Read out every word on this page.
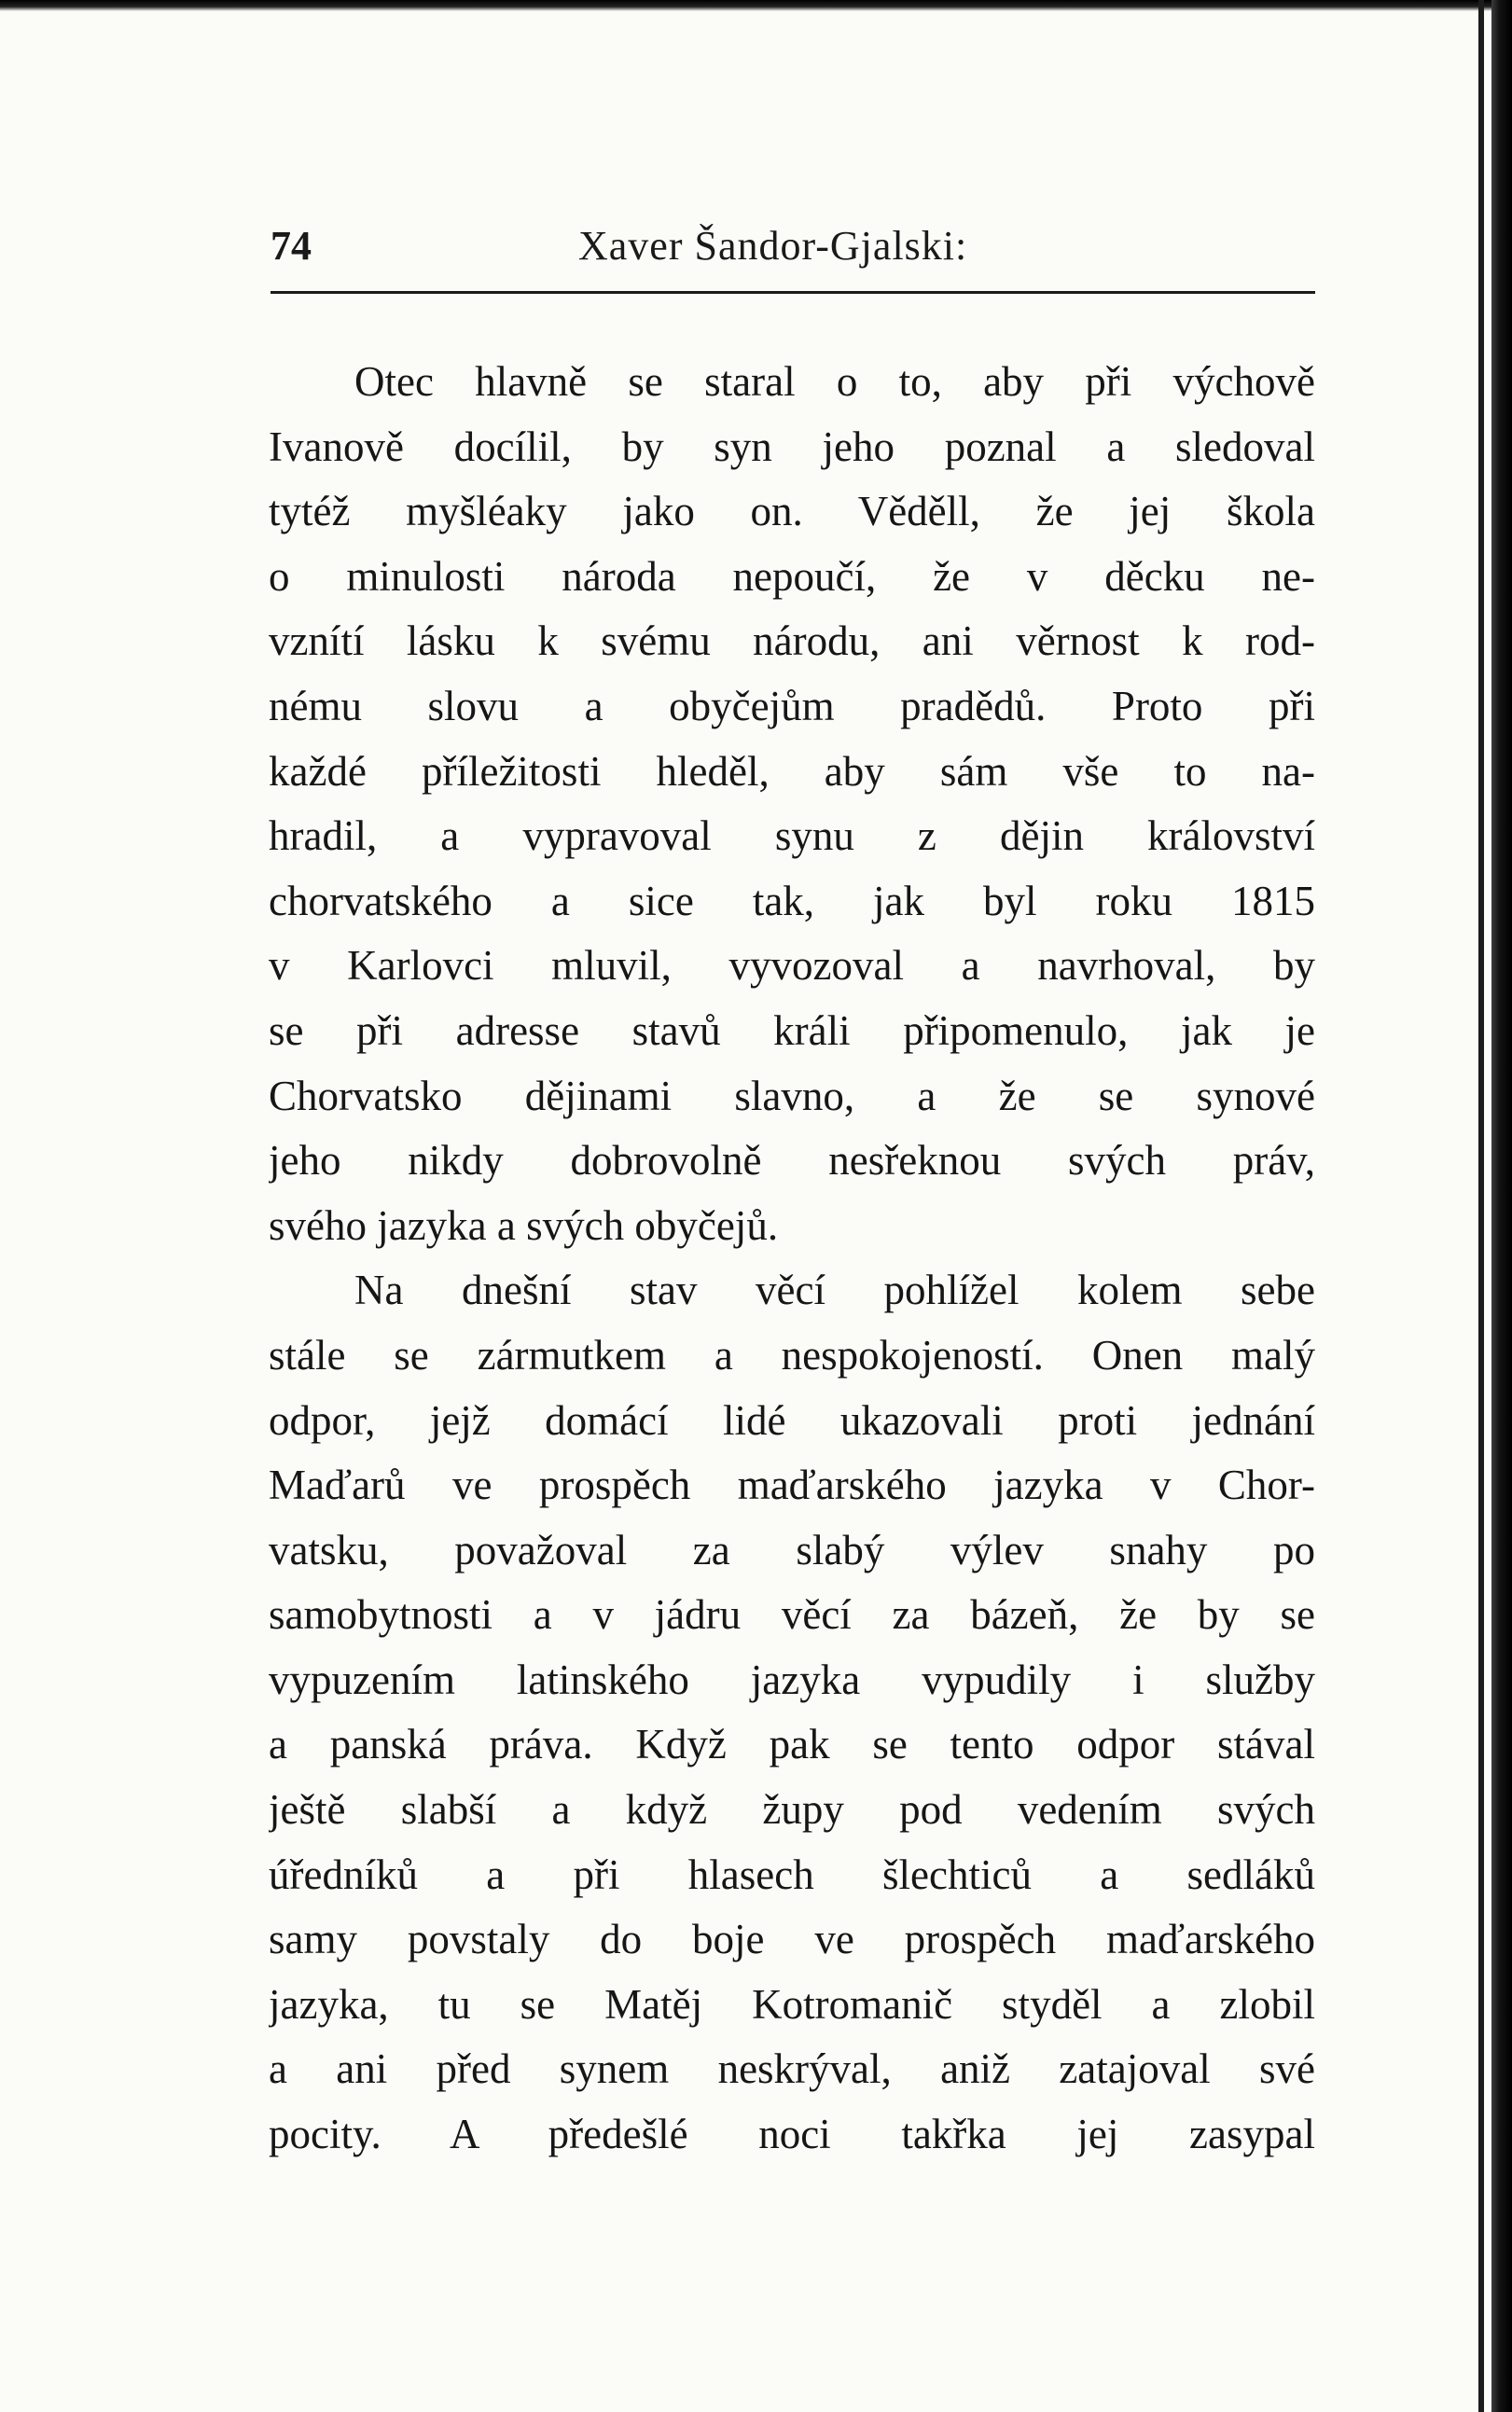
74	Xaver Šandor-Gjalski:
Otec hlavně se staral o to, aby při výchově
Ivanově docílil, by syn jeho poznal a sledoval
tytéž myšléaky jako on. Věděll, že jej škola
o minulosti národa nepoučí, že v děcku ne-
vznítí lásku k svému národu, ani věrnost k rod-
nému slovu a obyčejům pradědů. Proto při
každé příležitosti hleděl, aby sám vše to na-
hradil, a vypravoval synu z dějin království
chorvatského a sice tak, jak byl roku 1815
v Karlovci mluvil, vyvozoval a navrhoval, by
se při adresse stavů králi připomenulo, jak je
Chorvatsko dějinami slavno, a že se synové
jeho nikdy dobrovolně nesřeknou svých práv,
svého jazyka a svých obyčejů.
Na dnešní stav věcí pohlížel kolem sebe
stále se zármutkem a nespokojeností. Onen malý
odpor, jejž domácí lidé ukazovali proti jednání
Maďarů ve prospěch maďarského jazyka v Chor-
vatsku, považoval za slabý výlev snahy po
samobytnosti a v jádru věcí za bázeň, že by se
vypuzením latinského jazyka vypudily i služby
a panská práva. Když pak se tento odpor stával
ještě slabší a když župy pod vedením svých
úředníků a při hlasech šlechticů a sedláků
samy povstaly do boje ve prospěch maďarského
jazyka, tu se Matěj Kotromanič styděl a zlobil
a ani před synem neskrýval, aniž zatajoval své
pocity. A předešlé noci takřka jej zasypal
